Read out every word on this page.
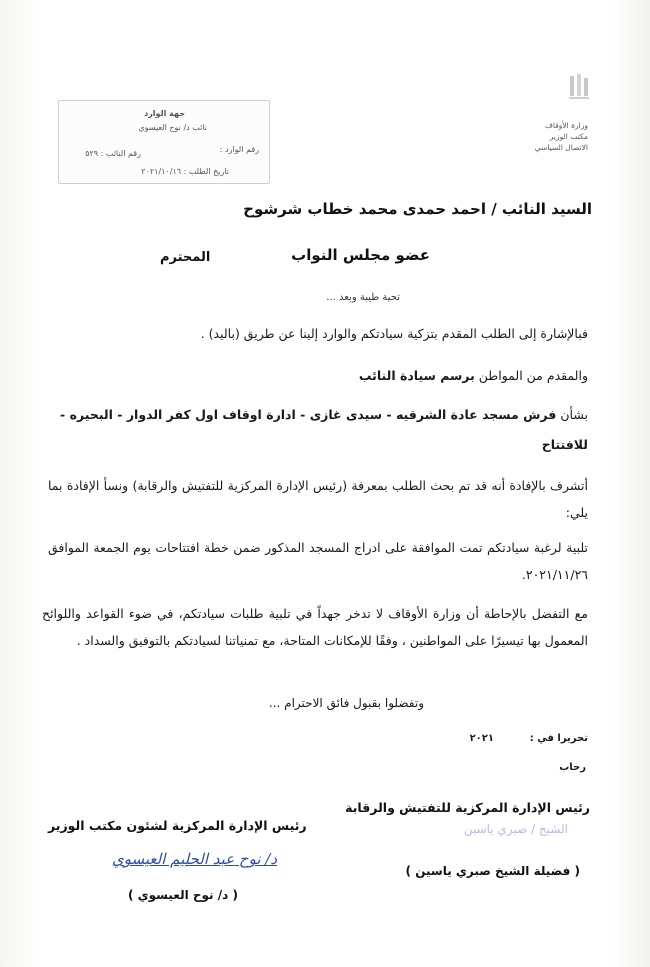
وزارة الأوقاف
مكتب الوزير
الاتصال السياسي
جهة الوارد
نائب د/ نوح العيسوي
رقم الوارد :
رقم النائب : ٥٢٩
تاريخ الطلب : ٢٠٢١/١٠/١٦
السيد النائب / احمد حمدى محمد خطاب شرشوح
عضو مجلس النواب
المحترم
تحية طيبة وبعد ...
فبالإشارة إلى الطلب المقدم بتزكية سيادتكم والوارد إلينا عن طريق (باليد) .
والمقدم من المواطن برسم سيادة النائب
بشأن فرش مسجد عادة الشرقيه - سيدى غازى - ادارة اوقاف اول كفر الدوار - البحيره - للافتتاح
أتشرف بالإفادة أنه قد تم بحث الطلب بمعرفة (رئيس الإدارة المركزية للتفتيش والرقابة) ونسأ الإفادة بما يلي:
تلبية لرغبة سيادتكم تمت الموافقة على ادراج المسجد المذكور ضمن خطة افتتاحات يوم الجمعة الموافق ٢٠٢١/١١/٢٦.
مع التفضل بالإحاطة أن وزارة الأوقاف لا تدخر جهداً في تلبية طلبات سيادتكم، في ضوء القواعد واللوائح المعمول بها تيسيرًا على المواطنين ، وفقًا للإمكانات المتاحة، مع تمنياتنا لسيادتكم بالتوفيق والسداد .
وتفضلوا بقبول فائق الاحترام ...
تحريرا في :
٢٠٢١
رحاب
رئيس الإدارة المركزية للتفتيش والرقابة
الشيخ / صبري ياسين
( فضيلة الشيخ صبري ياسين )
رئيس الإدارة المركزية لشئون مكتب الوزير
د/ نوح عبد الحليم العيسوي
( د/ نوح العيسوي )
